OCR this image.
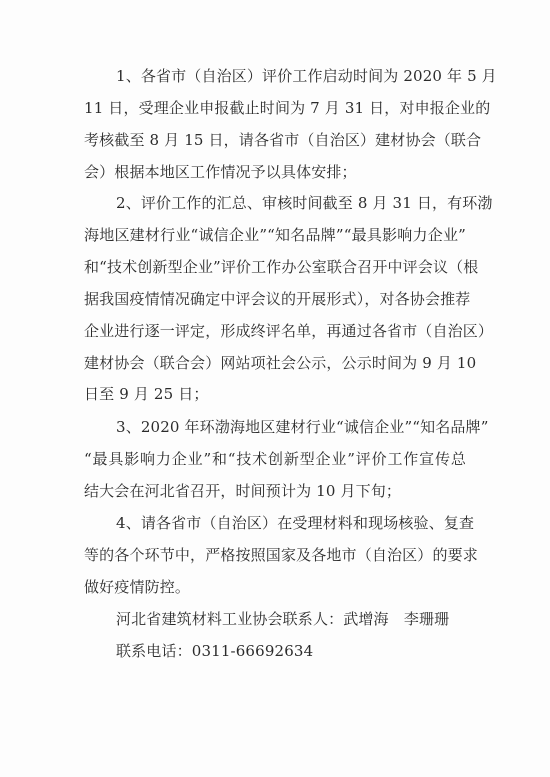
1、各省市（自治区）评价工作启动时间为 2020 年 5 月
11 日，受理企业申报截止时间为 7 月 31 日，对申报企业的
考核截至 8 月 15 日，请各省市（自治区）建材协会（联合
会）根据本地区工作情况予以具体安排；
2、评价工作的汇总、审核时间截至 8 月 31 日，有环渤
海地区建材行业“诚信企业”“知名品牌”“最具影响力企业”
和“技术创新型企业”评价工作办公室联合召开中评会议（根
据我国疫情情况确定中评会议的开展形式），对各协会推荐
企业进行逐一评定，形成终评名单，再通过各省市（自治区）
建材协会（联合会）网站项社会公示，公示时间为 9 月 10
日至 9 月 25 日；
3、2020 年环渤海地区建材行业“诚信企业”“知名品牌”
“最具影响力企业”和“技术创新型企业”评价工作宣传总
结大会在河北省召开，时间预计为 10 月下旬；
4、请各省市（自治区）在受理材料和现场核验、复查
等的各个环节中，严格按照国家及各地市（自治区）的要求
做好疫情防控。
河北省建筑材料工业协会联系人：武增海　李珊珊
联系电话：0311-66692634
